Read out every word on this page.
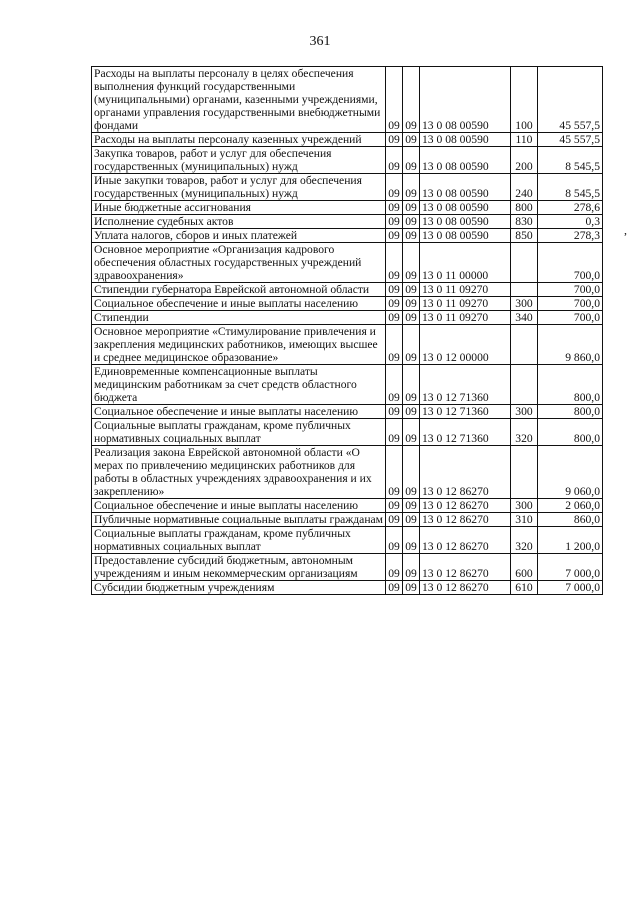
361
,
Расходы на выплаты персоналу в целях обеспечения выполнения функций государственными (муниципальными) органами, казенными учреждениями, органами управления государственными внебюджетными фондами	09	09	13 0 08 00590	100	45 557,5
Расходы на выплаты персоналу казенных учреждений	09	09	13 0 08 00590	110	45 557,5
Закупка товаров, работ и услуг для обеспечения государственных (муниципальных) нужд	09	09	13 0 08 00590	200	8 545,5
Иные закупки товаров, работ и услуг для обеспечения государственных (муниципальных) нужд	09	09	13 0 08 00590	240	8 545,5
Иные бюджетные ассигнования	09	09	13 0 08 00590	800	278,6
Исполнение судебных актов	09	09	13 0 08 00590	830	0,3
Уплата налогов, сборов и иных платежей	09	09	13 0 08 00590	850	278,3
Основное мероприятие «Организация кадрового обеспечения областных государственных учреждений здравоохранения»	09	09	13 0 11 00000		700,0
Стипендии губернатора Еврейской автономной области	09	09	13 0 11 09270		700,0
Социальное обеспечение и иные выплаты населению	09	09	13 0 11 09270	300	700,0
Стипендии	09	09	13 0 11 09270	340	700,0
Основное мероприятие «Стимулирование привлечения и закрепления медицинских работников, имеющих высшее и среднее медицинское образование»	09	09	13 0 12 00000		9 860,0
Единовременные компенсационные выплаты медицинским работникам за счет средств областного бюджета	09	09	13 0 12 71360		800,0
Социальное обеспечение и иные выплаты населению	09	09	13 0 12 71360	300	800,0
Социальные выплаты гражданам, кроме публичных нормативных социальных выплат	09	09	13 0 12 71360	320	800,0
Реализация закона Еврейской автономной области «О мерах по привлечению медицинских работников для работы в областных учреждениях здравоохранения и их закреплению»	09	09	13 0 12 86270		9 060,0
Социальное обеспечение и иные выплаты населению	09	09	13 0 12 86270	300	2 060,0
Публичные нормативные социальные выплаты гражданам	09	09	13 0 12 86270	310	860,0
Социальные выплаты гражданам, кроме публичных нормативных социальных выплат	09	09	13 0 12 86270	320	1 200,0
Предоставление субсидий бюджетным, автономным учреждениям и иным некоммерческим организациям	09	09	13 0 12 86270	600	7 000,0
Субсидии бюджетным учреждениям	09	09	13 0 12 86270	610	7 000,0
